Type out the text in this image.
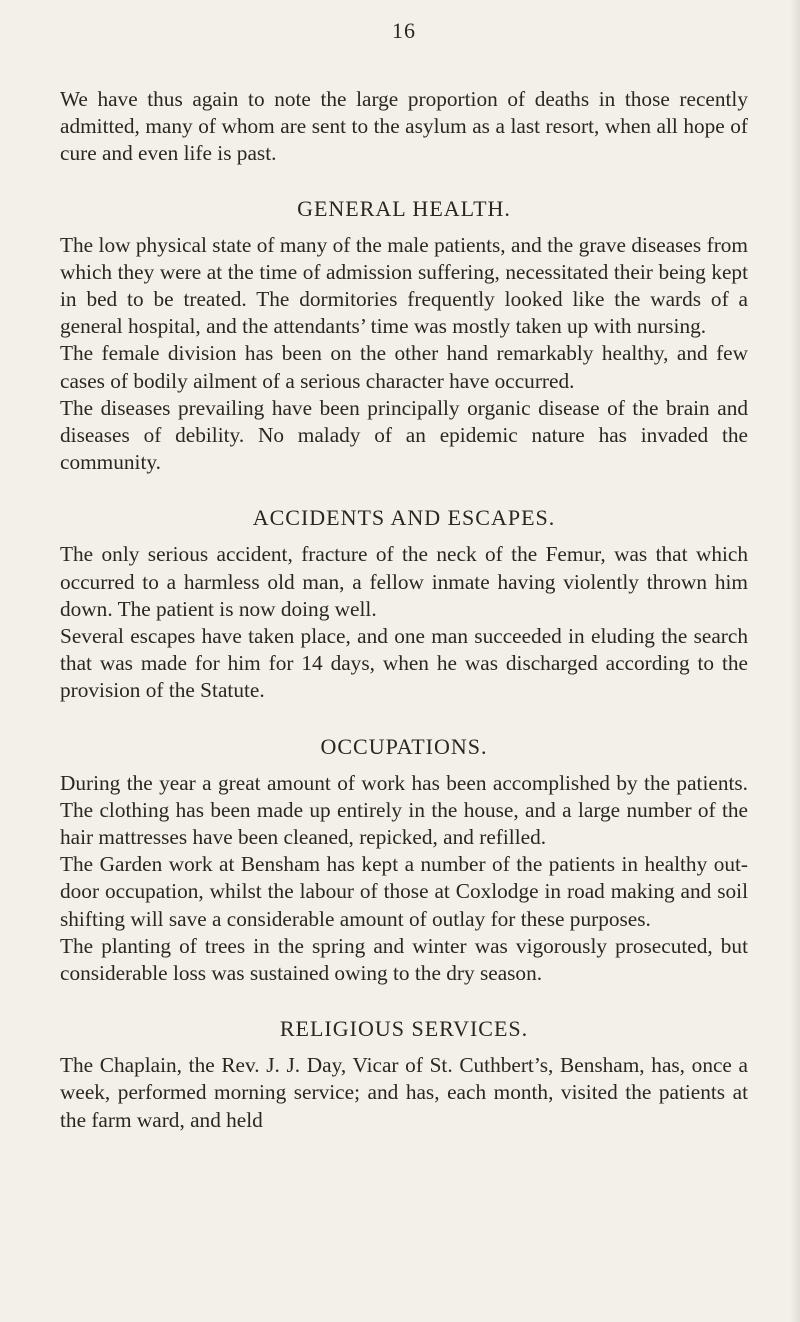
16

We have thus again to note the large proportion of deaths in those recently admitted, many of whom are sent to the asylum as a last resort, when all hope of cure and even life is past.

GENERAL HEALTH.

The low physical state of many of the male patients, and the grave diseases from which they were at the time of admission suffering, necessitated their being kept in bed to be treated. The dormitories frequently looked like the wards of a general hospital, and the attendants’ time was mostly taken up with nursing.

The female division has been on the other hand remarkably healthy, and few cases of bodily ailment of a serious character have occurred.

The diseases prevailing have been principally organic disease of the brain and diseases of debility. No malady of an epidemic nature has invaded the community.

ACCIDENTS AND ESCAPES.

The only serious accident, fracture of the neck of the Femur, was that which occurred to a harmless old man, a fellow inmate having violently thrown him down. The patient is now doing well.

Several escapes have taken place, and one man succeeded in eluding the search that was made for him for 14 days, when he was discharged according to the provision of the Statute.

OCCUPATIONS.

During the year a great amount of work has been accomplished by the patients. The clothing has been made up entirely in the house, and a large number of the hair mattresses have been cleaned, repicked, and refilled.

The Garden work at Bensham has kept a number of the patients in healthy out-door occupation, whilst the labour of those at Coxlodge in road making and soil shifting will save a considerable amount of outlay for these purposes.

The planting of trees in the spring and winter was vigorously prosecuted, but considerable loss was sustained owing to the dry season.

RELIGIOUS SERVICES.

The Chaplain, the Rev. J. J. Day, Vicar of St. Cuthbert’s, Bensham, has, once a week, performed morning service; and has, each month, visited the patients at the farm ward, and held
